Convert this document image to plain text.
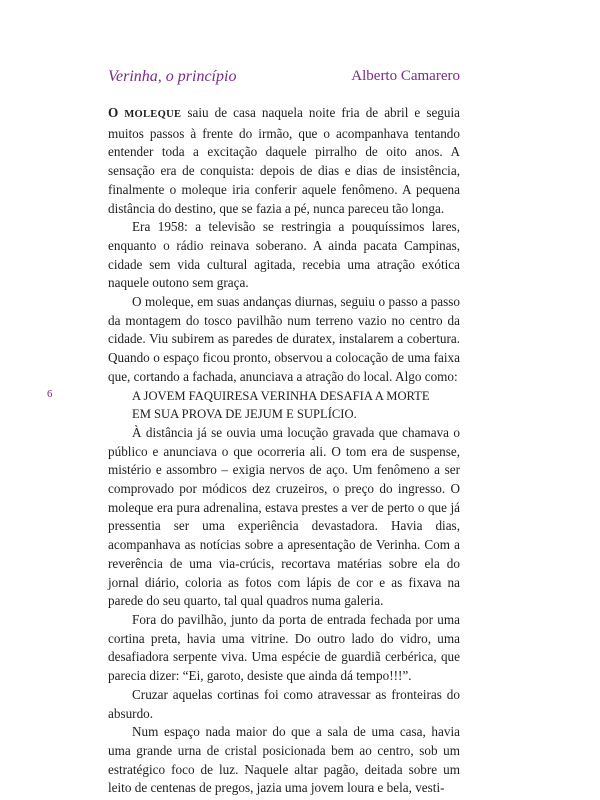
Verinha, o princípio	Alberto Camarero
6

O MOLEQUE saiu de casa naquela noite fria de abril e seguia muitos passos à frente do irmão, que o acompanhava tentando entender toda a excitação daquele pirralho de oito anos. A sensação era de conquista: depois de dias e dias de insistência, finalmente o moleque iria conferir aquele fenômeno. A pequena distância do destino, que se fazia a pé, nunca pareceu tão longa.

Era 1958: a televisão se restringia a pouquíssimos lares, enquanto o rádio reinava soberano. A ainda pacata Campinas, cidade sem vida cultural agitada, recebia uma atração exótica naquele outono sem graça.

O moleque, em suas andanças diurnas, seguiu o passo a passo da montagem do tosco pavilhão num terreno vazio no centro da cidade. Viu subirem as paredes de duratex, instalarem a cobertura. Quando o espaço ficou pronto, observou a colocação de uma faixa que, cortando a fachada, anunciava a atração do local. Algo como:

A JOVEM FAQUIRESA VERINHA DESAFIA A MORTE
EM SUA PROVA DE JEJUM E SUPLÍCIO.

À distância já se ouvia uma locução gravada que chamava o público e anunciava o que ocorreria ali. O tom era de suspense, mistério e assombro – exigia nervos de aço. Um fenômeno a ser comprovado por módicos dez cruzeiros, o preço do ingresso. O moleque era pura adrenalina, estava prestes a ver de perto o que já pressentia ser uma experiência devastadora. Havia dias, acompanhava as notícias sobre a apresentação de Verinha. Com a reverência de uma via-crúcis, recortava matérias sobre ela do jornal diário, coloria as fotos com lápis de cor e as fixava na parede do seu quarto, tal qual quadros numa galeria.

Fora do pavilhão, junto da porta de entrada fechada por uma cortina preta, havia uma vitrine. Do outro lado do vidro, uma desafiadora serpente viva. Uma espécie de guardiã cerbérica, que parecia dizer: “Ei, garoto, desiste que ainda dá tempo!!!”.

Cruzar aquelas cortinas foi como atravessar as fronteiras do absurdo.

Num espaço nada maior do que a sala de uma casa, havia uma grande urna de cristal posicionada bem ao centro, sob um estratégico foco de luz. Naquele altar pagão, deitada sobre um leito de centenas de pregos, jazia uma jovem loura e bela, vesti-
